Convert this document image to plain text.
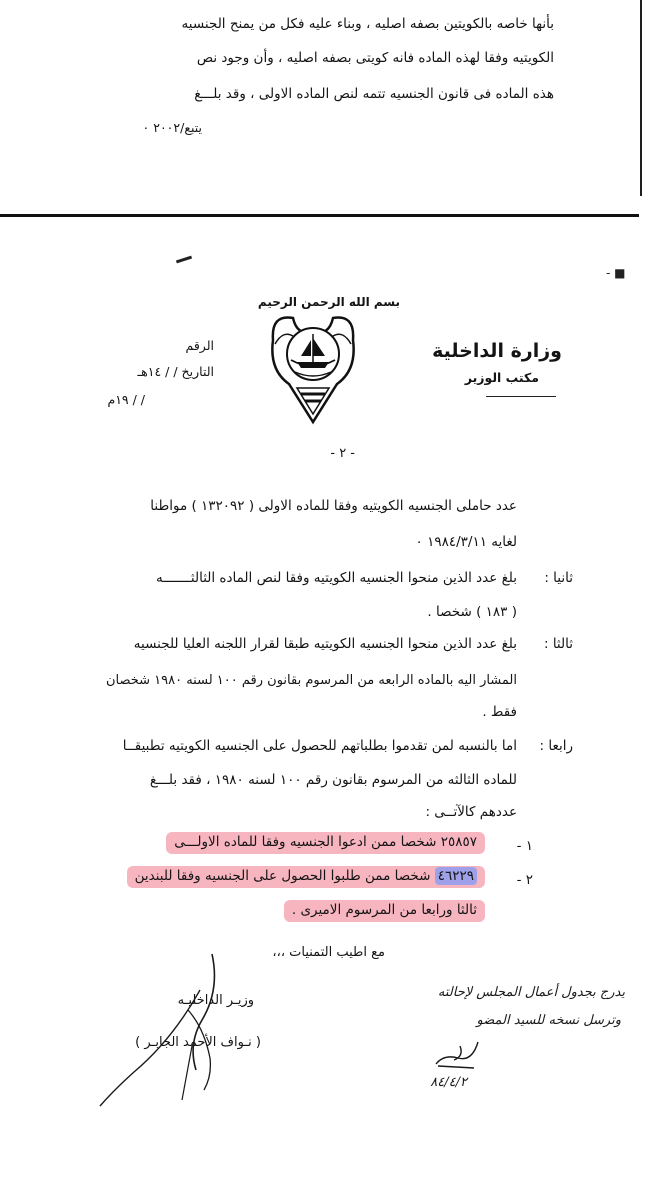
بأنها خاصه بالكويتين بصفه اصليه ، وبناء عليه فكل من يمنح الجنسيه
الكويتيه وفقا لهذه الماده فانه كويتى بصفه اصليه ، وأن وجود نص
هذه الماده فى قانون الجنسيه تتمه لنص الماده الاولى ، وقد بلـــغ
يتبع/٢٠٠٢ ٠
- ■
بسم الله الرحمن الرحيم
وزارة الداخلية
مكتب الوزير
الرقم
التاريخ / / ١٤هـ
/ / ١٩م
- ٢ -
عدد حاملى الجنسيه الكويتيه وفقا للماده الاولى ( ١٣٢٠٩٢ ) مواطنا
لغايه ١٩٨٤/٣/١١ ٠
ثانيا :
بلغ عدد الذين منحوا الجنسيه الكويتيه وفقا لنص الماده الثالثـــــــه
( ١٨٣ ) شخصا .
ثالثا :
بلغ عدد الذين منحوا الجنسيه الكويتيه طبقا لقرار اللجنه العليا للجنسيه
المشار اليه بالماده الرابعه من المرسوم بقانون رقم ١٠٠ لسنه ١٩٨٠ شخصان
فقط .
رابعا :
اما بالنسبه لمن تقدموا بطلباتهم للحصول على الجنسيه الكويتيه تطبيقــا
للماده الثالثه من المرسوم بقانون رقم ١٠٠ لسنه ١٩٨٠ ، فقد بلـــغ
عددهم كالآتــى :
١ -
٢٥٨٥٧ شخصا ممن ادعوا الجنسيه وفقا للماده الاولـــى
٢ -
٤٦٢٢٩ شخصا ممن طلبوا الحصول على الجنسيه وفقا للبندين
ثالثا ورابعا من المرسوم الاميرى .
مع اطيب التمنيات ،،،
وزيـر الداخليـه
( نـواف الأحمد الجابـر )
يدرج بجدول أعمال المجلس لإحالته
وترسل نسخه للسيد المضو
٨٤/٤/٢
